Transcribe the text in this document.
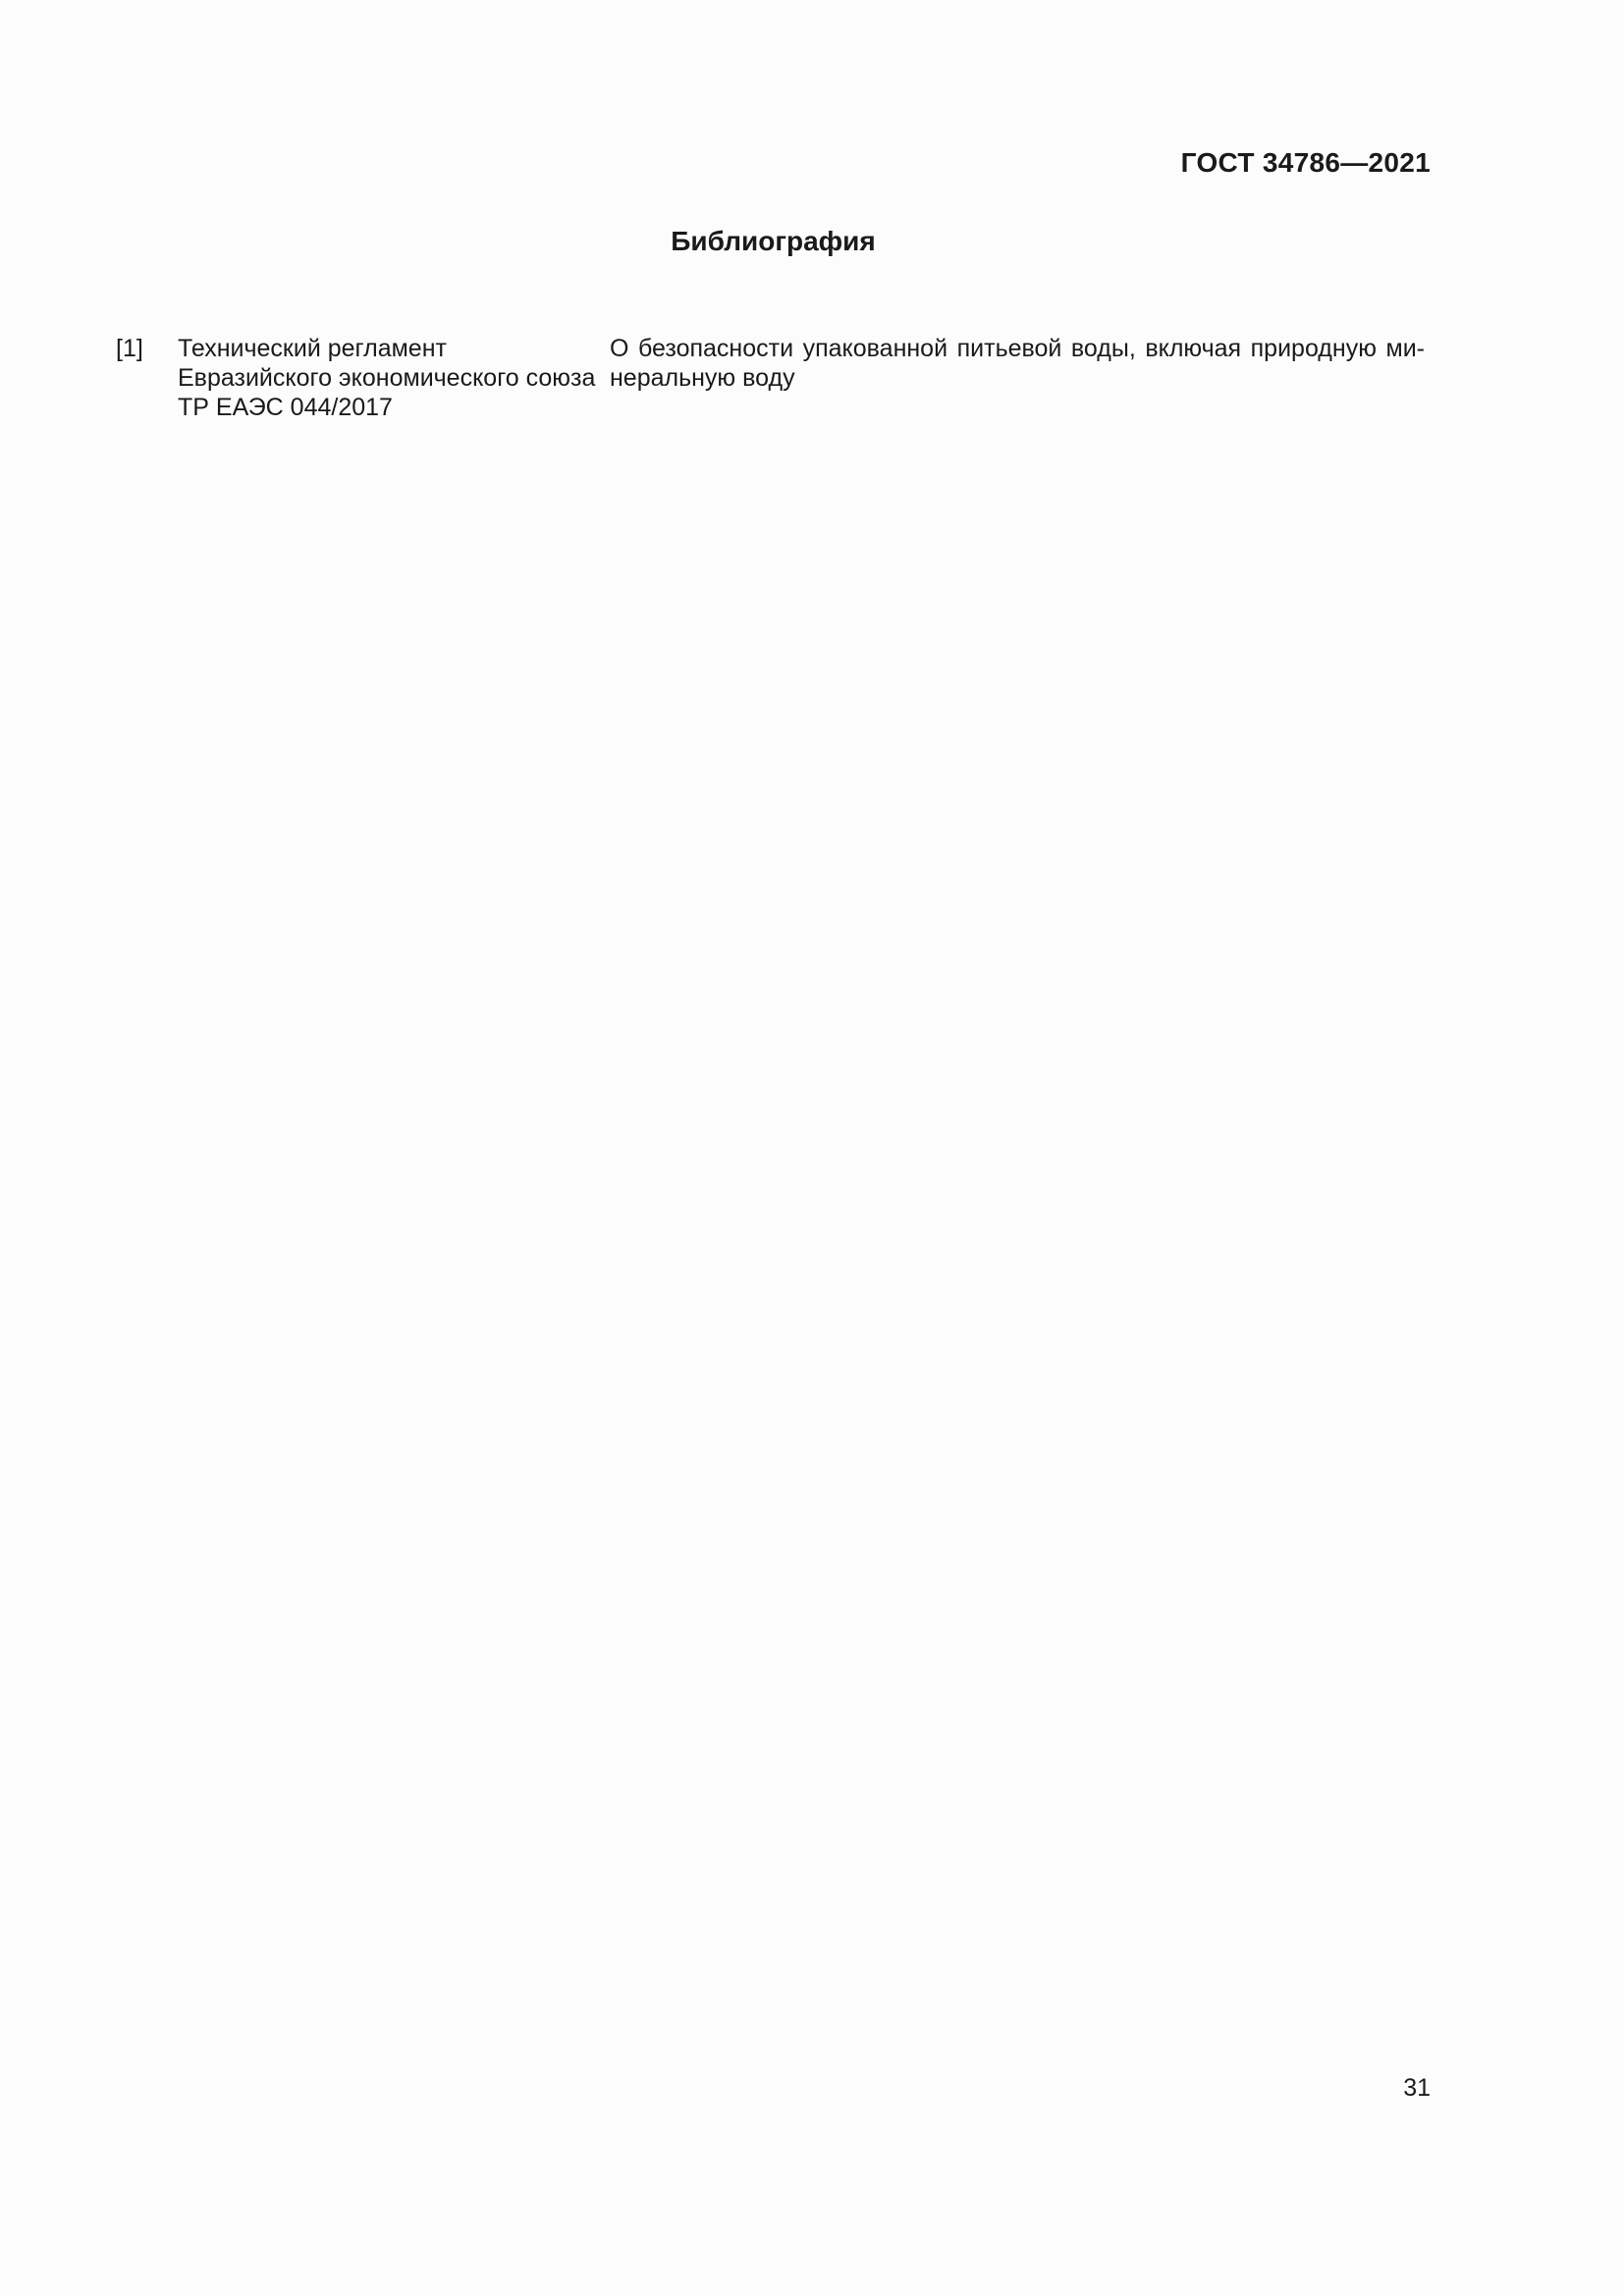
ГОСТ 34786—2021
Библиография
[1] Технический регламент
Евразийского экономического союза
ТР ЕАЭС 044/2017
О безопасности упакованной питьевой воды, включая природную ми-
неральную воду
31
